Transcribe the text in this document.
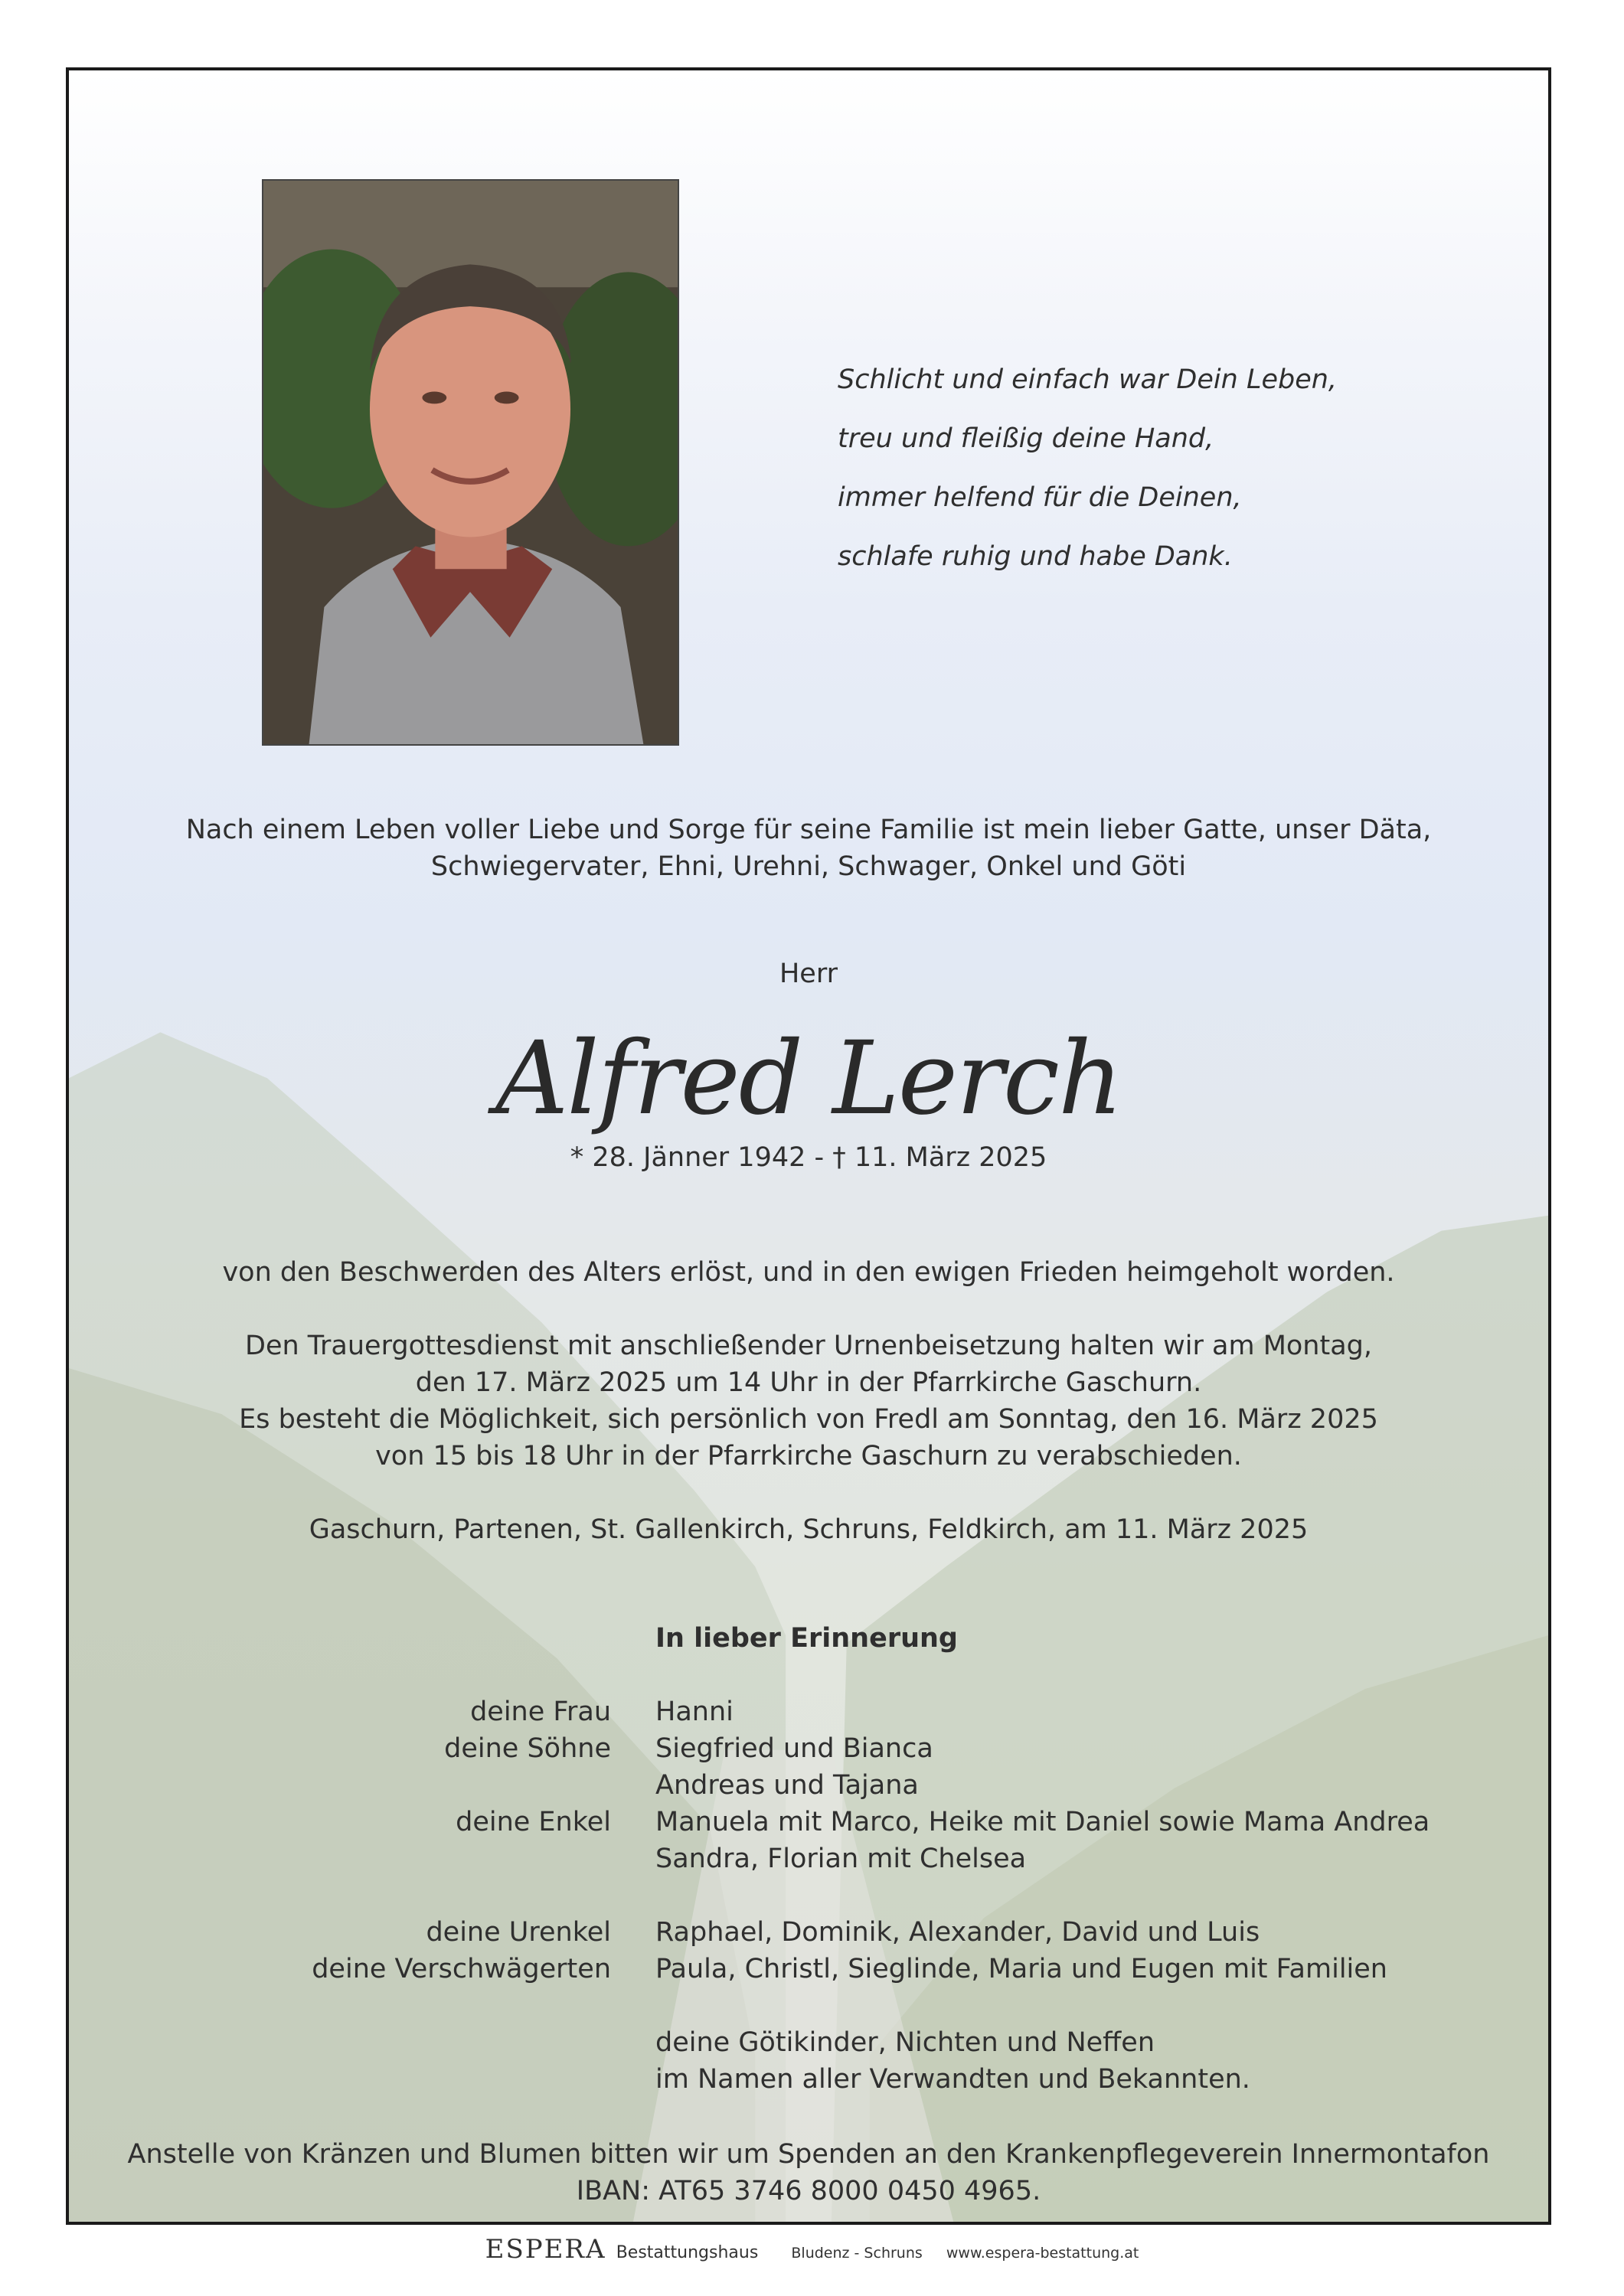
Schlicht und einfach war Dein Leben,
treu und fleißig deine Hand,
immer helfend für die Deinen,
schlafe ruhig und habe Dank.
Nach einem Leben voller Liebe und Sorge für seine Familie ist mein lieber Gatte, unser Däta,
Schwiegervater, Ehni, Urehni, Schwager, Onkel und Göti
Herr
Alfred Lerch
* 28. Jänner 1942 - † 11. März 2025
von den Beschwerden des Alters erlöst, und in den ewigen Frieden heimgeholt worden.
Den Trauergottesdienst mit anschließender Urnenbeisetzung halten wir am Montag,
den 17. März 2025 um 14 Uhr in der Pfarrkirche Gaschurn.
Es besteht die Möglichkeit, sich persönlich von Fredl am Sonntag, den 16. März 2025
von 15 bis 18 Uhr in der Pfarrkirche Gaschurn zu verabschieden.
Gaschurn, Partenen, St. Gallenkirch, Schruns, Feldkirch, am 11. März 2025
In lieber Erinnerung
deine Frau Hanni
deine Söhne Siegfried und Bianca
Andreas und Tajana
deine Enkel Manuela mit Marco, Heike mit Daniel sowie Mama Andrea
Sandra, Florian mit Chelsea
deine Urenkel Raphael, Dominik, Alexander, David und Luis
deine Verschwägerten Paula, Christl, Sieglinde, Maria und Eugen mit Familien
deine Götikinder, Nichten und Neffen
im Namen aller Verwandten und Bekannten.
Anstelle von Kränzen und Blumen bitten wir um Spenden an den Krankenpflegeverein Innermontafon
IBAN: AT65 3746 8000 0450 4965.
ESPERA Bestattungshaus Bludenz - Schruns www.espera-bestattung.at
